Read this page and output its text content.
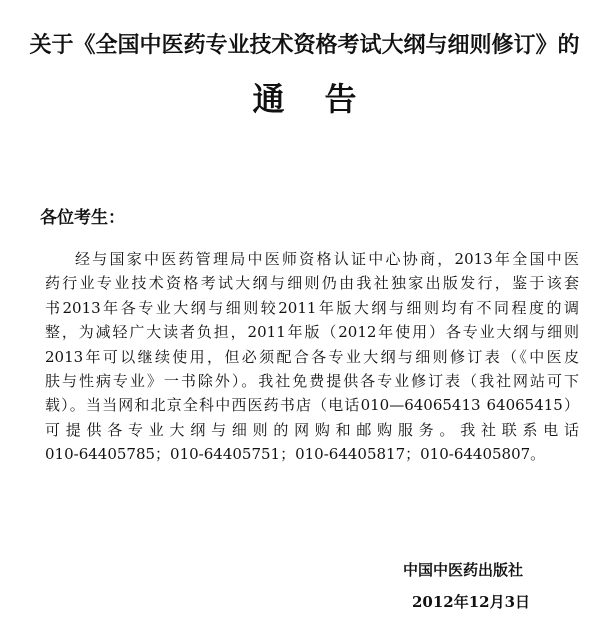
关于《全国中医药专业技术资格考试大纲与细则修订》的
通告
各位考生：
经与国家中医药管理局中医师资格认证中心协商，2013年全国中医
药行业专业技术资格考试大纲与细则仍由我社独家出版发行，鉴于该套
书2013年各专业大纲与细则较2011年版大纲与细则均有不同程度的调
整，为减轻广大读者负担，2011年版（2012年使用）各专业大纲与细则
2013年可以继续使用，但必须配合各专业大纲与细则修订表（《中医皮
肤与性病专业》一书除外）。我社免费提供各专业修订表（我社网站可下
载）。当当网和北京全科中西医药书店（电话010—64065413 64065415）
可提供各专业大纲与细则的网购和邮购服务。我社联系电话
010-64405785；010-64405751；010-64405817；010-64405807。
中国中医药出版社
2012年12月3日
